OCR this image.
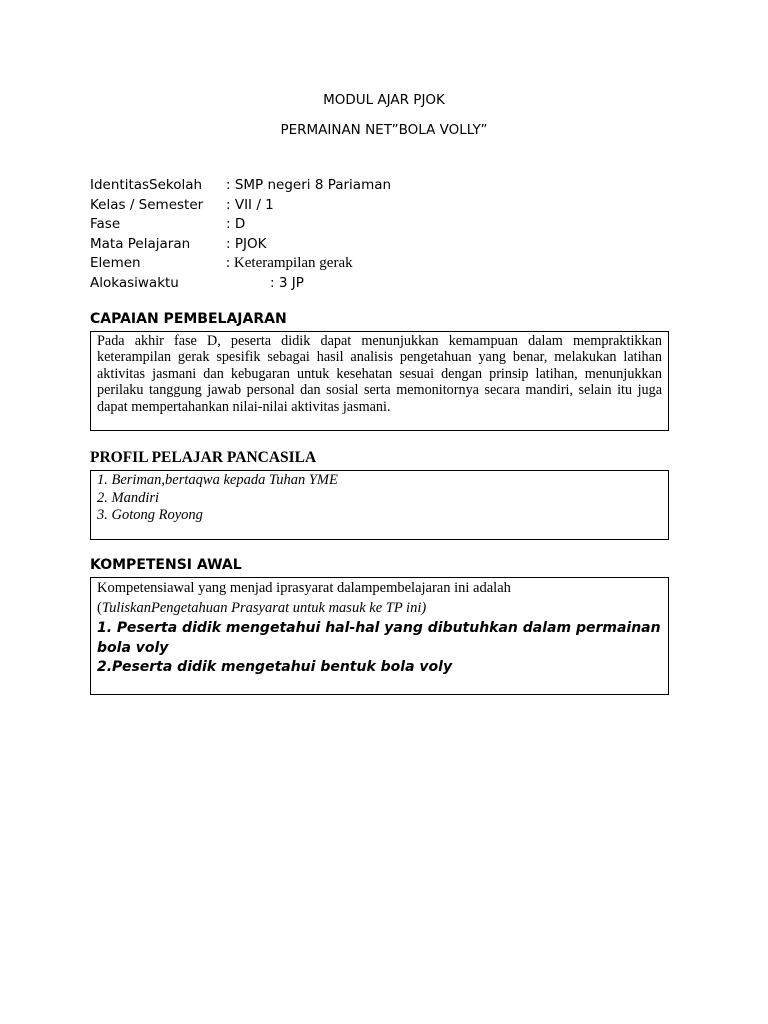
MODUL AJAR PJOK
PERMAINAN NET”BOLA VOLLY”
IdentitasSekolah : SMP negeri 8 Pariaman
Kelas / Semester : VII / 1
Fase	: D
Mata Pelajaran	: PJOK
Elemen	: Keterampilan gerak
Alokasiwaktu	: 3 JP
CAPAIAN PEMBELAJARAN

Pada akhir fase D, peserta didik dapat menunjukkan kemampuan dalam mempraktikkan keterampilan gerak spesifik sebagai hasil analisis pengetahuan yang benar, melakukan latihan aktivitas jasmani dan kebugaran untuk kesehatan sesuai dengan prinsip latihan, menunjukkan perilaku tanggung jawab personal dan sosial serta memonitornya secara mandiri, selain itu juga dapat mempertahankan nilai-nilai aktivitas jasmani.

PROFIL PELAJAR PANCASILA
1. Beriman,bertaqwa kepada Tuhan YME
2. Mandiri
3. Gotong Royong
KOMPETENSI AWAL
Kompetensiawal yang menjad iprasyarat dalampembelajaran ini adalah
(TuliskanPengetahuan Prasyarat untuk masuk ke TP ini)
1. Peserta didik mengetahui hal-hal yang dibutuhkan dalam permainan bola voly
2.Peserta didik mengetahui bentuk bola voly
